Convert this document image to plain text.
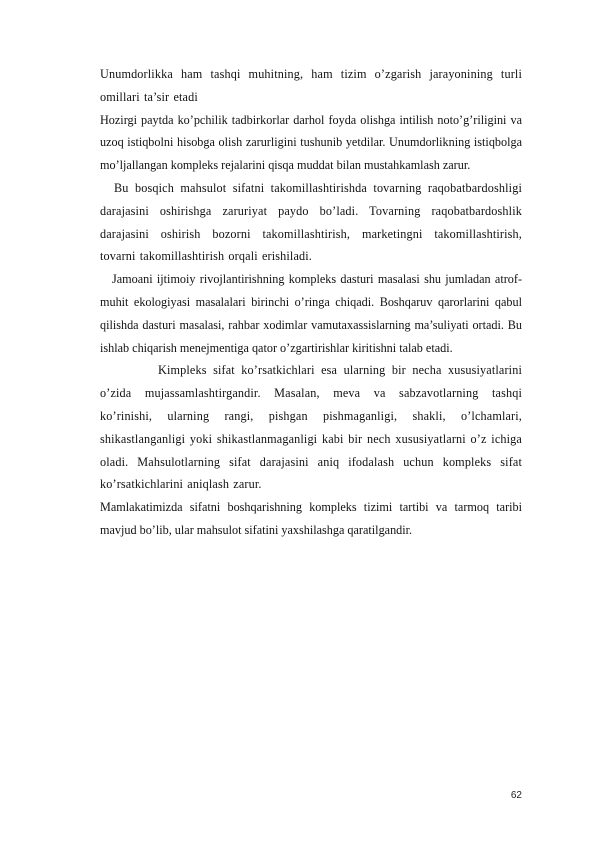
Unumdorlikka ham tashqi muhitning, ham tizim o’zgarish jarayonining turli omillari ta’sir etadi

Hozirgi paytda ko’pchilik tadbirkorlar darhol foyda olishga intilish noto’g’riligini va uzoq istiqbolni hisobga olish zarurligini tushunib yetdilar. Unumdorlikning istiqbolga mo’ljallangan kompleks rejalarini qisqa muddat bilan mustahkamlash zarur.

Bu bosqich mahsulot sifatni takomillashtirishda tovarning raqobatbardoshligi darajasini oshirishga zaruriyat paydo bo’ladi. Tovarning raqobatbardoshlik darajasini oshirish bozorni takomillashtirish, marketingni takomillashtirish, tovarni takomillashtirish orqali erishiladi.

Jamoani ijtimoiy rivojlantirishning kompleks dasturi masalasi shu jumladan atrof-muhit ekologiyasi masalalari birinchi o’ringa chiqadi. Boshqaruv qarorlarini qabul qilishda dasturi masalasi, rahbar xodimlar vamutaxassislarning ma’suliyati ortadi. Bu ishlab chiqarish menejmentiga qator o’zgartirishlar kiritishni talab etadi.

Kimpleks sifat ko’rsatkichlari esa ularning bir necha xususiyatlarini o’zida mujassamlashtirgandir. Masalan, meva va sabzavotlarning tashqi ko’rinishi, ularning rangi, pishgan pishmaganligi, shakli, o’lchamlari, shikastlanganligi yoki shikastlanmaganligi kabi bir nech xususiyatlarni o’z ichiga oladi. Mahsulotlarning sifat darajasini aniq ifodalash uchun kompleks sifat ko’rsatkichlarini aniqlash zarur.

Mamlakatimizda sifatni boshqarishning kompleks tizimi tartibi va tarmoq taribi mavjud bo’lib, ular mahsulot sifatini yaxshilashga qaratilgandir.

62
